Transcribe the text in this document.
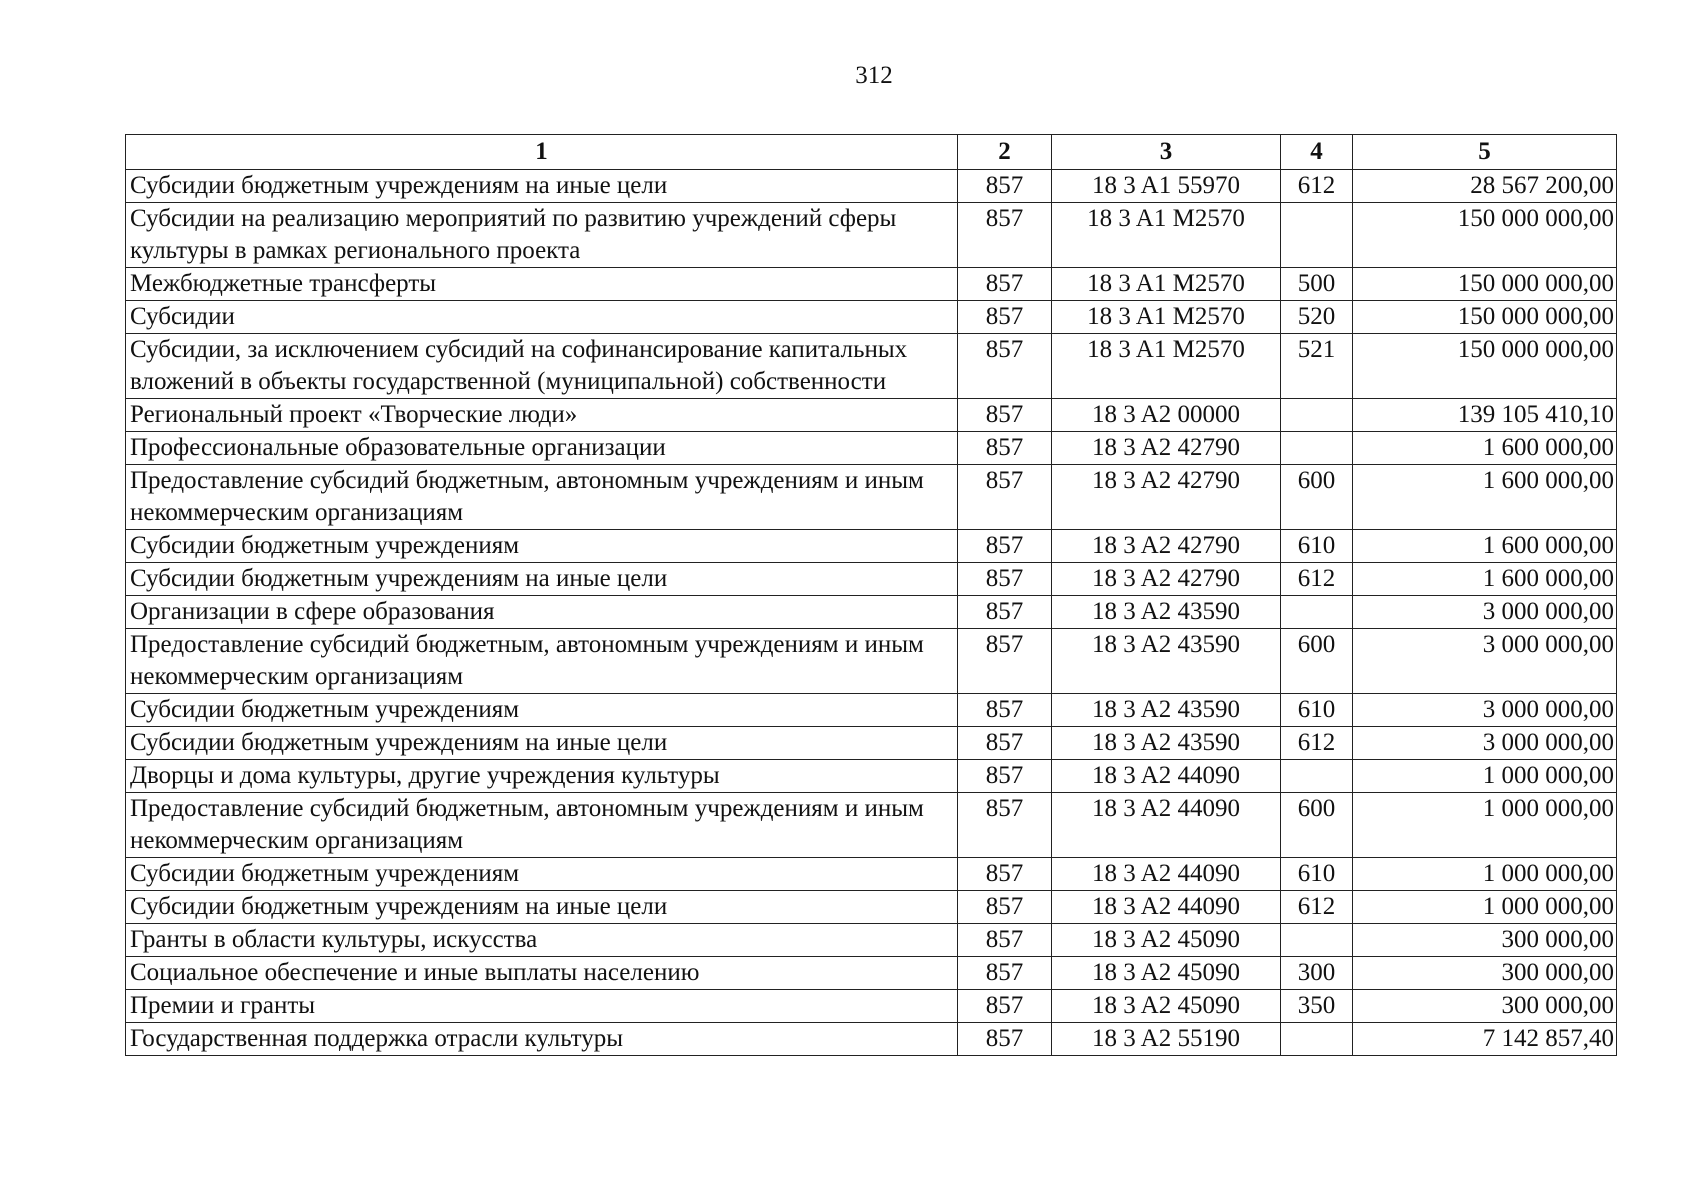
312
1	2	3	4	5
Субсидии бюджетным учреждениям на иные цели	857	18 3 A1 55970	612	28 567 200,00
Субсидии на реализацию мероприятий по развитию учреждений сферы культуры в рамках регионального проекта	857	18 3 A1 M2570		150 000 000,00
Межбюджетные трансферты	857	18 3 A1 M2570	500	150 000 000,00
Субсидии	857	18 3 A1 M2570	520	150 000 000,00
Субсидии, за исключением субсидий на софинансирование капитальных вложений в объекты государственной (муниципальной) собственности	857	18 3 A1 M2570	521	150 000 000,00
Региональный проект «Творческие люди»	857	18 3 A2 00000		139 105 410,10
Профессиональные образовательные организации	857	18 3 A2 42790		1 600 000,00
Предоставление субсидий бюджетным, автономным учреждениям и иным некоммерческим организациям	857	18 3 A2 42790	600	1 600 000,00
Субсидии бюджетным учреждениям	857	18 3 A2 42790	610	1 600 000,00
Субсидии бюджетным учреждениям на иные цели	857	18 3 A2 42790	612	1 600 000,00
Организации в сфере образования	857	18 3 A2 43590		3 000 000,00
Предоставление субсидий бюджетным, автономным учреждениям и иным некоммерческим организациям	857	18 3 A2 43590	600	3 000 000,00
Субсидии бюджетным учреждениям	857	18 3 A2 43590	610	3 000 000,00
Субсидии бюджетным учреждениям на иные цели	857	18 3 A2 43590	612	3 000 000,00
Дворцы и дома культуры, другие учреждения культуры	857	18 3 A2 44090		1 000 000,00
Предоставление субсидий бюджетным, автономным учреждениям и иным некоммерческим организациям	857	18 3 A2 44090	600	1 000 000,00
Субсидии бюджетным учреждениям	857	18 3 A2 44090	610	1 000 000,00
Субсидии бюджетным учреждениям на иные цели	857	18 3 A2 44090	612	1 000 000,00
Гранты в области культуры, искусства	857	18 3 A2 45090		300 000,00
Социальное обеспечение и иные выплаты населению	857	18 3 A2 45090	300	300 000,00
Премии и гранты	857	18 3 A2 45090	350	300 000,00
Государственная поддержка отрасли культуры	857	18 3 A2 55190		7 142 857,40
